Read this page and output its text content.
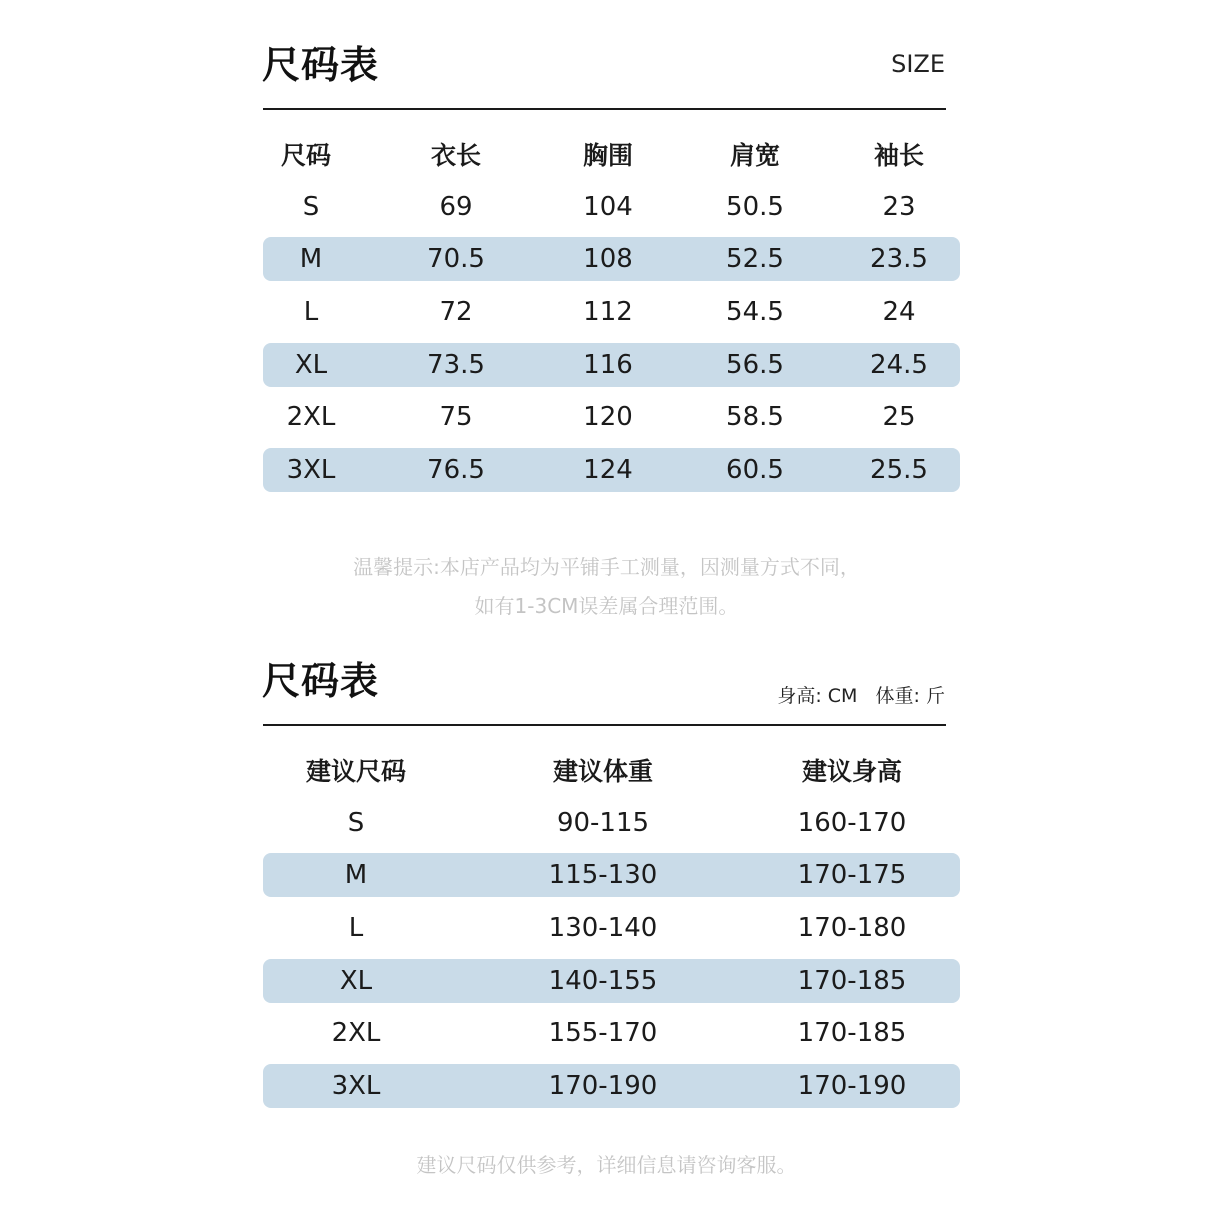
尺码表	SIZE
尺码	衣长	胸围	肩宽	袖长
S	69	104	50.5	23
M	70.5	108	52.5	23.5
L	72	112	54.5	24
XL	73.5	116	56.5	24.5
2XL	75	120	58.5	25
3XL	76.5	124	60.5	25.5
温馨提示:本店产品均为平铺手工测量，因测量方式不同，
如有1-3CM误差属合理范围。
尺码表	身高: CM   体重: 斤
建议尺码	建议体重	建议身高
S	90-115	160-170
M	115-130	170-175
L	130-140	170-180
XL	140-155	170-185
2XL	155-170	170-185
3XL	170-190	170-190
建议尺码仅供参考，详细信息请咨询客服。
